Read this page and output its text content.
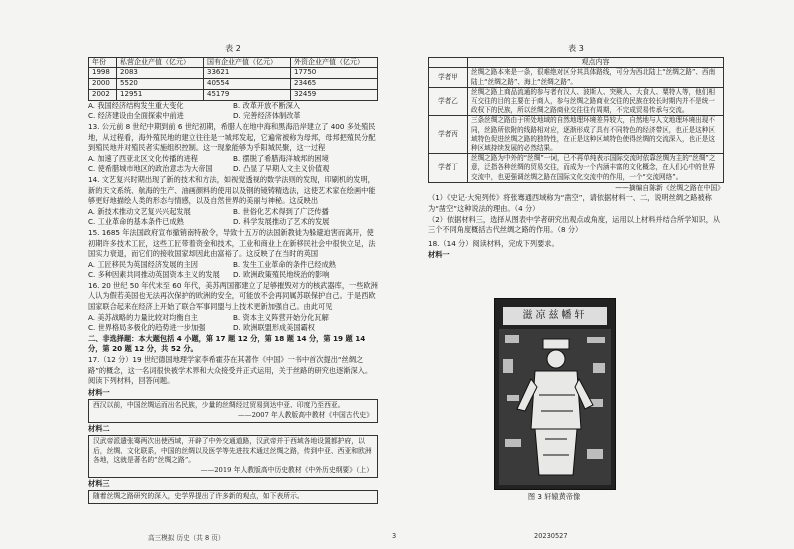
表 2
年份	私营企业产值（亿元）	国有企业产值（亿元）	外资企业产值（亿元）
1998	2083	33621	17750
2000	5520	40554	23465
2002	12951	45179	32459
A. 我国经济结构发生重大变化	B. 改革开放不断深入
C. 经济建设由全面探索中前进	D. 完善经济体制改革

13. 公元前 8 世纪中期到前 6 世纪初期，希腊人在地中海和黑海沿岸建立了 400 多处殖民地，从过程看，海外殖民地的建立往往是一城邦发起，它遍常被称为母邦，母邦把殖民分配到殖民地并对殖民者实施组织控制。这一现象能够为乎阳城民聚，这一过程

A. 加速了西亚北区文化传播的进程	B. 摆脱了希腊海洋城邦的困境
C. 使希腊城市地区的政治意志为大帝国	D. 凸显了早期人文主义价值观

14. 文艺复兴时期出现了新的技术和方法，如视觉透视的数学法则的发现，印刷机的发明，新的天文系统、航海的生产、油画颜料的使用以及钢的镜铸精选法，这使艺术家在绘画中能够更好地描绘人类的形态与情感，以及自然世界的美丽与神秘。这反映出

A. 新技术推动文艺复兴兴起发展	B. 世俗化艺术得到了广泛传播
C. 工业革命的基本条件已成熟	D. 科学发展推动了艺术的发展

15. 1685 年法国政府宣布撤销南特赦令，导致十五万的法国新教徒为躲避迫害而离开，使初期许多技术工匠，这些工匠带着资金和技术，工业和商业上在新移民社会中很快立足，法国实力衰退，而它们的接收国家却因此由富裕了。这反映了在当时的英国

A. 工匠移民为英国经济发展的主因	B. 发生工业革命的条件已经成熟
C. 多种因素共同推动英国资本主义的发展	D. 欧洲政策殖民地统治的影响

16. 20 世纪 50 年代末至 60 年代，美苏两国都建立了足够摧毁对方的核武器库，一些欧洲人认为假若美国也无法再次保护的欧洲的安全，可能放不会再同属苏联保护自己。于是西欧国家联合起来在经济上开始了联合军事同盟与上技术更新加强自己。由此可见

A. 美苏战略的力量比较对均衡自主	B. 资本主义阵营开始分化瓦解
C. 世界格局多极化的趋势进一步加强	D. 欧洲联盟形成美国霸权

二、非选择题：本大题包括 4 小题，第 17 题 12 分，第 18 题 14 分，第 19 题 14 分，第 20 题 12 分，共 52 分。

17.（12 分）19 世纪德国地理学家李希霍芬在其著作《中国》一书中首次提出“丝绸之路”的概念，这一名词很快被学术界和大众接受并正式运用，关于丝路的研究也逐渐深入。

阅读下列材料，回答问题。

材料一
西汉以前，中国丝绸运而出名民族，少量的丝绸经过贸易到达中亚、印度乃至西亚。
——2007 年人教版高中教材《中国古代史》
材料二
汉武帝派遣张骞两次出使西域，开辟了中外交通道路，汉武帝并于西域各地设置都护府，以后，丝绸、文化联系，中国的丝绸以及医学等先进技术通过丝绸之路，传到中亚、西亚和欧洲各地，这就是著名的“丝绸之路”。
——2019 年人教版高中历史教材《中外历史纲要》（上）
材料三
随着丝绸之路研究的深入，史学界提出了许多新的观点，如下表所示。
表 3
	观点内容
学者甲	丝绸之路本来是一条，很难绝对区分其具体路线，可分为西北陆上“丝绸之路”、西南陆上“丝绸之路”、海上“丝绸之路”。
学者乙	丝绸之路上商品流通的参与者有汉人、波斯人、突厥人、大食人、粟特人等，他们相互交往的目的主要在于商人，参与丝绸之路商业交往的民族在较长时期内并不是统一政权下的民族，所以丝绸之路商业交往往有周期，不完成贸易传承与交流。
学者丙	三条丝绸之路由于所处地域的自然地理环境差异较大，自然地与人文地理环境出现不同，丝路所依附的线路相对应，逐渐形成了具有不同特色的经济带区，也正是这种区域特色促进丝绸之路的独特性，在正是这种区域特色使得丝绸的交流深入，也正是这种区域持续发展的必然结果。
学者丁	丝绸之路为中外的“丝绸”一词，已不再单纯表示国际交流时依靠丝绸为主的“丝绸”之意，泛指各种丝绸的贸易交往，而成为一个内涵丰富的文化概念，在人们心中的世界交流中，也更强调丝绸之路在国际文化交流中的作用，一个“交流网络”。
——摘编自陈新《丝绸之路在中国》

（1）《史记·大宛列传》将张骞通西域称为“凿空”，请依据材料一、二，说明丝绸之路被称为“凿空”这种说法的理由。（4 分）

（2）依据材料三，选择从图表中学者研究出观点或角度，运用以上材料并结合所学知识，从三个不同角度概括古代丝绸之路的作用。（8 分）

18.（14 分）阅读材料，完成下列要求。

材料一
滋凉兹幡轩
图 3 轩辕黄帝像
高三模拟 历史（共 8 页）	3	20230527
